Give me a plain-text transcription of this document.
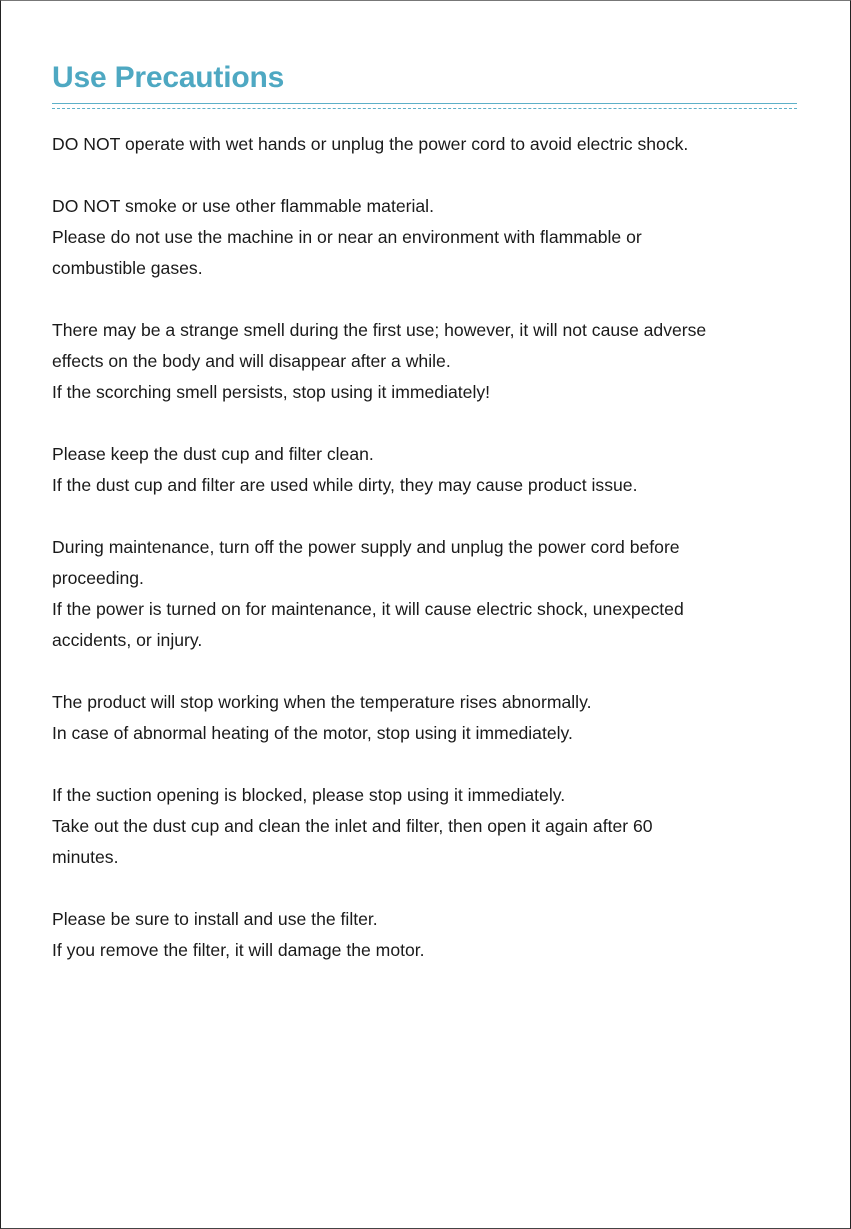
Use Precautions

DO NOT operate with wet hands or unplug the power cord to avoid electric shock.

DO NOT smoke or use other flammable material.

Please do not use the machine in or near an environment with flammable or

combustible gases.

There may be a strange smell during the first use; however, it will not cause adverse

effects on the body and will disappear after a while.

If the scorching smell persists, stop using it immediately!

Please keep the dust cup and filter clean.

If the dust cup and filter are used while dirty, they may cause product issue.

During maintenance, turn off the power supply and unplug the power cord before

proceeding.

If the power is turned on for maintenance, it will cause electric shock, unexpected

accidents, or injury.

The product will stop working when the temperature rises abnormally.

In case of abnormal heating of the motor, stop using it immediately.

If the suction opening is blocked, please stop using it immediately.

Take out the dust cup and clean the inlet and filter, then open it again after 60

minutes.

Please be sure to install and use the filter.

If you remove the filter, it will damage the motor.
